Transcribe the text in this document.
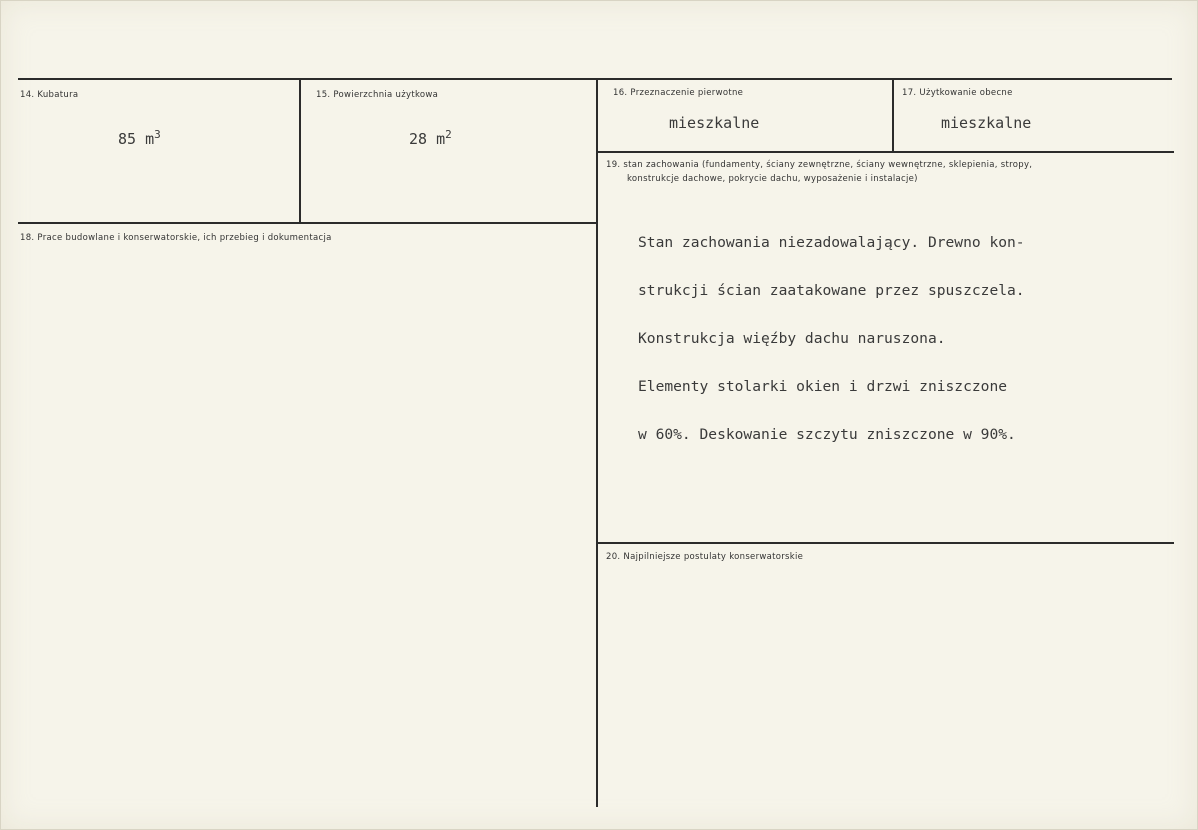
14. Kubatura
85 $m^3$
15. Powierzchnia użytkowa
28 $m^2$
16. Przeznaczenie pierwotne
mieszkalne
17. Użytkowanie obecne
mieszkalne
18. Prace budowlane i konserwatorskie, ich przebieg i dokumentacja
19. stan zachowania (fundamenty, ściany zewnętrzne, ściany wewnętrzne, sklepienia, stropy,
konstrukcje dachowe, pokrycie dachu, wyposażenie i instalacje)

Stan zachowania niezadowalający. Drewno kon-

strukcji ścian zaatakowane przez spuszczela.

Konstrukcja więźby dachu naruszona.

Elementy stolarki okien i drzwi zniszczone

w 60%. Deskowanie szczytu zniszczone w 90%.

20. Najpilniejsze postulaty konserwatorskie
